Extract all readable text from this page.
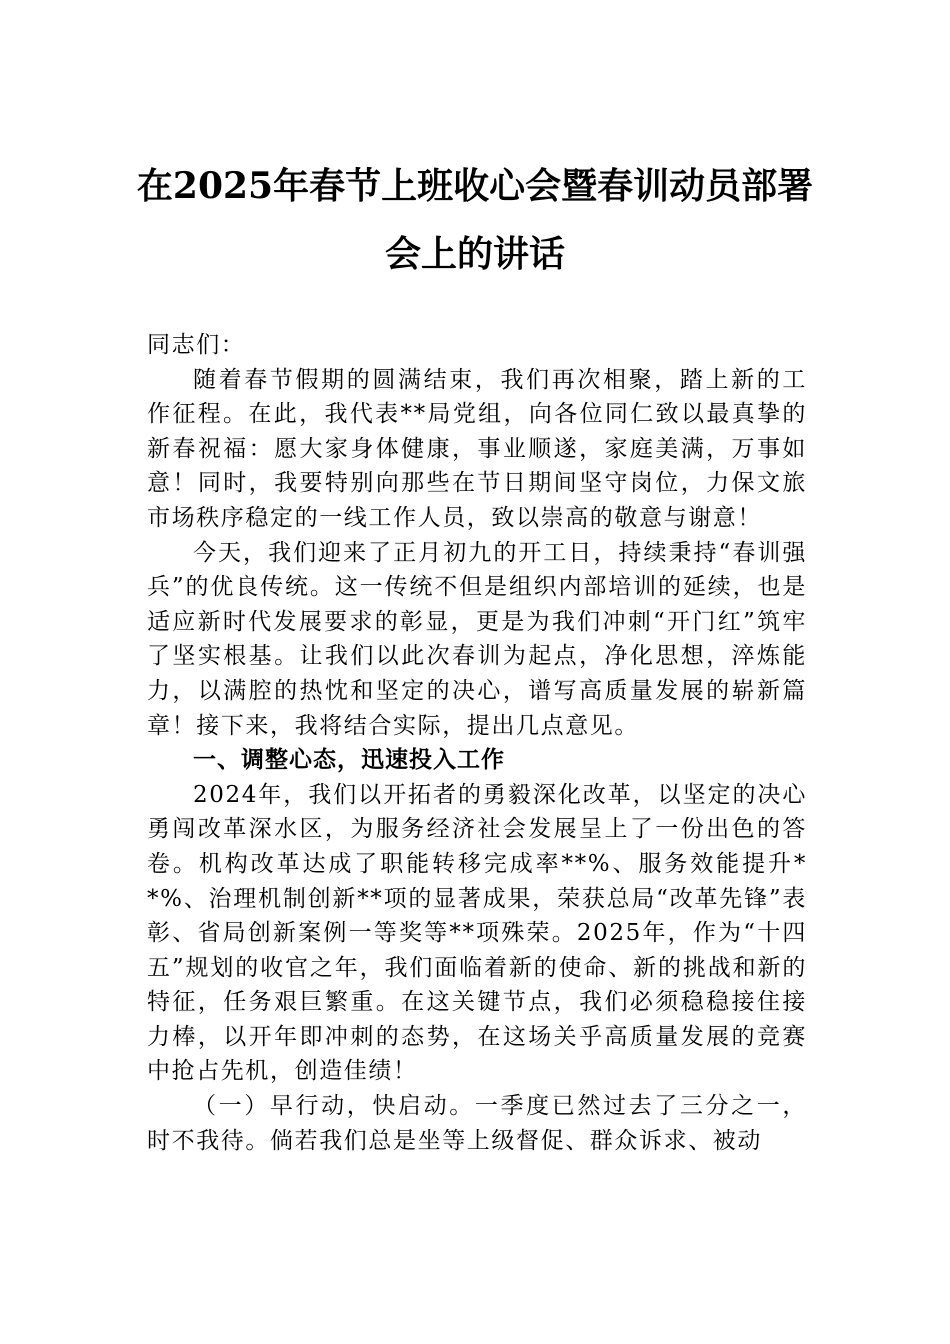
在2025年春节上班收心会暨春训动员部署
会上的讲话

同志们：

随着春节假期的圆满结束，我们再次相聚，踏上新的工作征程。在此，我代表**局党组，向各位同仁致以最真挚的新春祝福：愿大家身体健康，事业顺遂，家庭美满，万事如意！同时，我要特别向那些在节日期间坚守岗位，力保文旅市场秩序稳定的一线工作人员，致以崇高的敬意与谢意！

今天，我们迎来了正月初九的开工日，持续秉持“春训强兵”的优良传统。这一传统不但是组织内部培训的延续，也是适应新时代发展要求的彰显，更是为我们冲刺“开门红”筑牢了坚实根基。让我们以此次春训为起点，净化思想，淬炼能力，以满腔的热忱和坚定的决心，谱写高质量发展的崭新篇章！接下来，我将结合实际，提出几点意见。

一、调整心态，迅速投入工作

2024年，我们以开拓者的勇毅深化改革，以坚定的决心勇闯改革深水区，为服务经济社会发展呈上了一份出色的答卷。机构改革达成了职能转移完成率**%、服务效能提升**%、治理机制创新**项的显著成果，荣获总局“改革先锋”表彰、省局创新案例一等奖等**项殊荣。2025年，作为“十四五”规划的收官之年，我们面临着新的使命、新的挑战和新的特征，任务艰巨繁重。在这关键节点，我们必须稳稳接住接力棒，以开年即冲刺的态势，在这场关乎高质量发展的竞赛中抢占先机，创造佳绩！

（一）早行动，快启动。一季度已然过去了三分之一，时不我待。倘若我们总是坐等上级督促、群众诉求、被动
